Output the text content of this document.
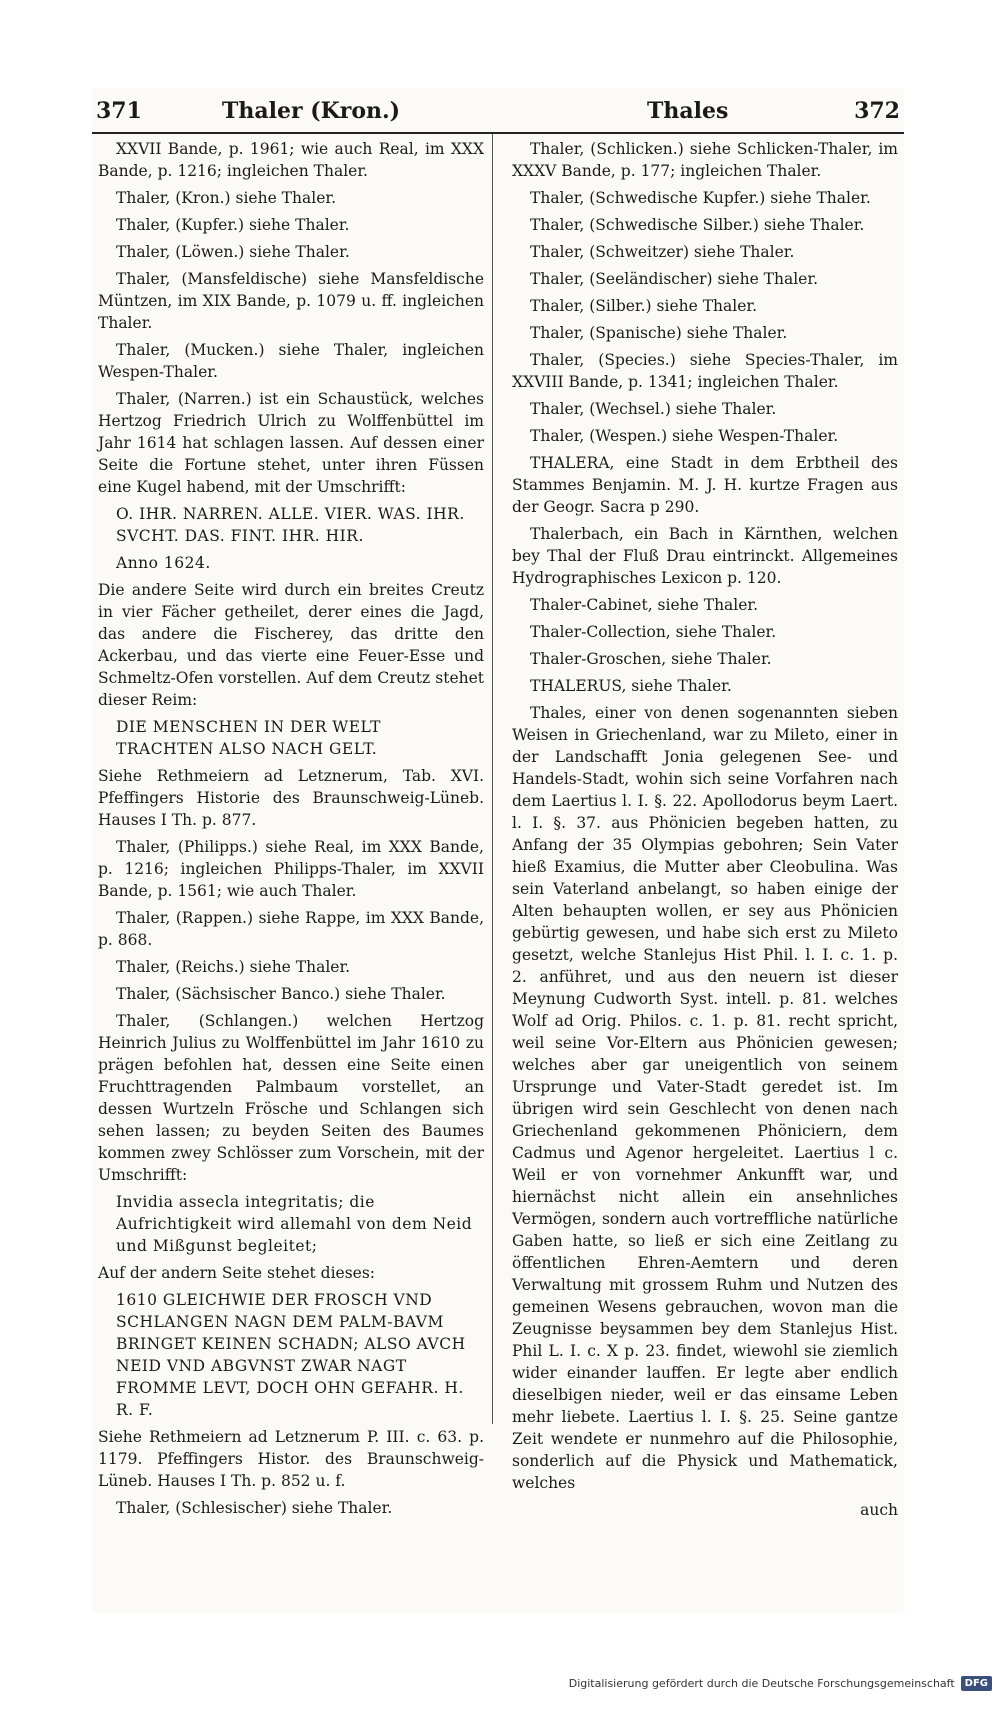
371	Thaler (Kron.)	Thales	372

XXVII Bande, p. 1961; wie auch Real, im XXX Bande, p. 1216; ingleichen Thaler.

Thaler, (Kron.) siehe Thaler.

Thaler, (Kupfer.) siehe Thaler.

Thaler, (Löwen.) siehe Thaler.

Thaler, (Mansfeldische) siehe Mansfeldische Müntzen, im XIX Bande, p. 1079 u. ff. ingleichen Thaler.

Thaler, (Mucken.) siehe Thaler, ingleichen Wespen-Thaler.

Thaler, (Narren.) ist ein Schaustück, welches Hertzog Friedrich Ulrich zu Wolffenbüttel im Jahr 1614 hat schlagen lassen. Auf dessen einer Seite die Fortune stehet, unter ihren Füssen eine Kugel habend, mit der Umschrifft:

O. IHR. NARREN. ALLE. VIER. WAS. IHR. SVCHT. DAS. FINT. IHR. HIR.

Anno 1624.

Die andere Seite wird durch ein breites Creutz in vier Fächer getheilet, derer eines die Jagd, das andere die Fischerey, das dritte den Ackerbau, und das vierte eine Feuer-Esse und Schmeltz-Ofen vorstellen. Auf dem Creutz stehet dieser Reim:

DIE MENSCHEN IN DER WELT TRACHTEN ALSO NACH GELT.

Siehe Rethmeiern ad Letznerum, Tab. XVI. Pfeffingers Historie des Braunschweig-Lüneb. Hauses I Th. p. 877.

Thaler, (Philipps.) siehe Real, im XXX Bande, p. 1216; ingleichen Philipps-Thaler, im XXVII Bande, p. 1561; wie auch Thaler.

Thaler, (Rappen.) siehe Rappe, im XXX Bande, p. 868.

Thaler, (Reichs.) siehe Thaler.

Thaler, (Sächsischer Banco.) siehe Thaler.

Thaler, (Schlangen.) welchen Hertzog Heinrich Julius zu Wolffenbüttel im Jahr 1610 zu prägen befohlen hat, dessen eine Seite einen Fruchttragenden Palmbaum vorstellet, an dessen Wurtzeln Frösche und Schlangen sich sehen lassen; zu beyden Seiten des Baumes kommen zwey Schlösser zum Vorschein, mit der Umschrifft:

Invidia assecla integritatis; die Aufrichtigkeit wird allemahl von dem Neid und Mißgunst begleitet;

Auf der andern Seite stehet dieses:

1610 GLEICHWIE DER FROSCH VND SCHLANGEN NAGN DEM PALM-BAVM BRINGET KEINEN SCHADN; ALSO AVCH NEID VND ABGVNST ZWAR NAGT FROMME LEVT, DOCH OHN GEFAHR. H. R. F.

Siehe Rethmeiern ad Letznerum P. III. c. 63. p. 1179. Pfeffingers Histor. des Braunschweig-Lüneb. Hauses I Th. p. 852 u. f.

Thaler, (Schlesischer) siehe Thaler.

Thaler, (Schlicken.) siehe Schlicken-Thaler, im XXXV Bande, p. 177; ingleichen Thaler.

Thaler, (Schwedische Kupfer.) siehe Thaler.

Thaler, (Schwedische Silber.) siehe Thaler.

Thaler, (Schweitzer) siehe Thaler.

Thaler, (Seeländischer) siehe Thaler.

Thaler, (Silber.) siehe Thaler.

Thaler, (Spanische) siehe Thaler.

Thaler, (Species.) siehe Species-Thaler, im XXVIII Bande, p. 1341; ingleichen Thaler.

Thaler, (Wechsel.) siehe Thaler.

Thaler, (Wespen.) siehe Wespen-Thaler.

THALERA, eine Stadt in dem Erbtheil des Stammes Benjamin. M. J. H. kurtze Fragen aus der Geogr. Sacra p 290.

Thalerbach, ein Bach in Kärnthen, welchen bey Thal der Fluß Drau eintrinckt. Allgemeines Hydrographisches Lexicon p. 120.

Thaler-Cabinet, siehe Thaler.

Thaler-Collection, siehe Thaler.

Thaler-Groschen, siehe Thaler.

THALERUS, siehe Thaler.

Thales, einer von denen sogenannten sieben Weisen in Griechenland, war zu Mileto, einer in der Landschafft Jonia gelegenen See- und Handels-Stadt, wohin sich seine Vorfahren nach dem Laertius l. I. §. 22. Apollodorus beym Laert. l. I. §. 37. aus Phönicien begeben hatten, zu Anfang der 35 Olympias gebohren; Sein Vater hieß Examius, die Mutter aber Cleobulina. Was sein Vaterland anbelangt, so haben einige der Alten behaupten wollen, er sey aus Phönicien gebürtig gewesen, und habe sich erst zu Mileto gesetzt, welche Stanlejus Hist Phil. l. I. c. 1. p. 2. anführet, und aus den neuern ist dieser Meynung Cudworth Syst. intell. p. 81. welches Wolf ad Orig. Philos. c. 1. p. 81. recht spricht, weil seine Vor-Eltern aus Phönicien gewesen; welches aber gar uneigentlich von seinem Ursprunge und Vater-Stadt geredet ist. Im übrigen wird sein Geschlecht von denen nach Griechenland gekommenen Phöniciern, dem Cadmus und Agenor hergeleitet. Laertius l c. Weil er von vornehmer Ankunfft war, und hiernächst nicht allein ein ansehnliches Vermögen, sondern auch vortreffliche natürliche Gaben hatte, so ließ er sich eine Zeitlang zu öffentlichen Ehren-Aemtern und deren Verwaltung mit grossem Ruhm und Nutzen des gemeinen Wesens gebrauchen, wovon man die Zeugnisse beysammen bey dem Stanlejus Hist. Phil L. I. c. X p. 23. findet, wiewohl sie ziemlich wider einander lauffen. Er legte aber endlich dieselbigen nieder, weil er das einsame Leben mehr liebete. Laertius l. I. §. 25. Seine gantze Zeit wendete er nunmehro auf die Philosophie, sonderlich auf die Physick und Mathematick, welches

auch

Digitalisierung gefördert durch die Deutsche Forschungsgemeinschaft	DFG
